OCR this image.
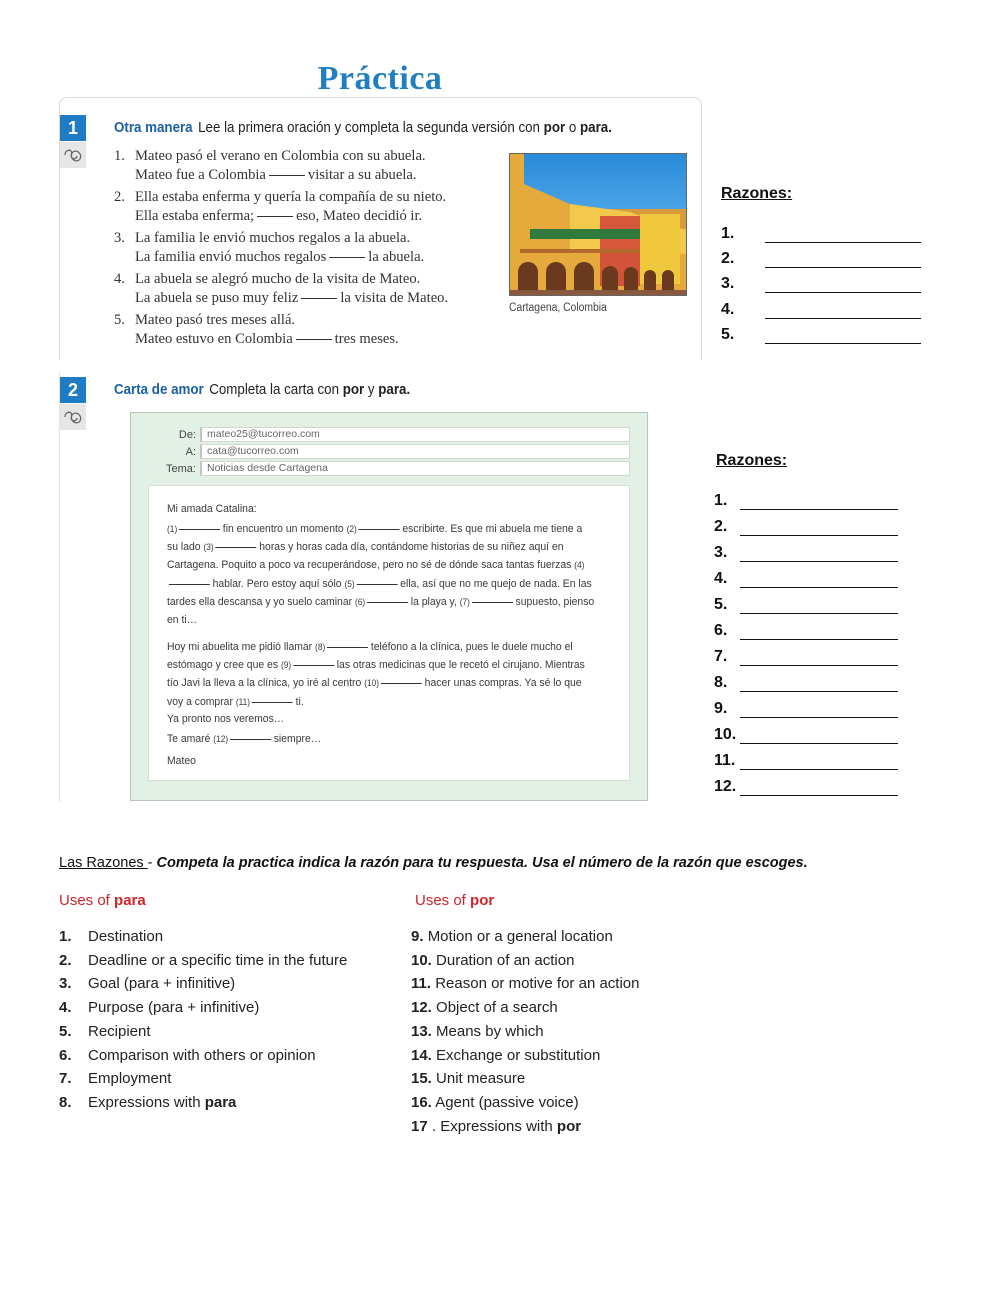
Práctica
1	Otra manera Lee la primera oración y completa la segunda versión con por o para.
1. Mateo pasó el verano en Colombia con su abuela.
Mateo fue a Colombia	visitar a su abuela.
2. Ella estaba enferma y quería la compañía de su nieto.
Ella estaba enferma;	eso, Mateo decidió ir.
3. La familia le envió muchos regalos a la abuela.
La familia envió muchos regalos	la abuela.
4. La abuela se alegró mucho de la visita de Mateo.
La abuela se puso muy feliz	la visita de Mateo.
5. Mateo pasó tres meses allá.
Mateo estuvo en Colombia	tres meses.
Cartagena, Colombia
Razones:
1.
2.
3.
4.
5.
2	Carta de amor Completa la carta con por y para.
De:	mateo25@tucorreo.com
A:	cata@tucorreo.com
Tema:	Noticias desde Cartagena
Mi amada Catalina:
(1)	fin encuentro un momento (2)	escribirte. Es que mi abuela me tiene a su lado (3)	horas y horas cada día, contándome historias de su niñez aquí en Cartagena. Poquito a poco va recuperándose, pero no sé de dónde saca tantas fuerzas (4)hablar. Pero estoy aquí sólo (5)	ella, así que no me quejo de nada. En las tardes ella descansa y yo suelo caminar (6)	la playa y, (7)	supuesto, pienso en ti…
Hoy mi abuelita me pidió llamar (8)	teléfono a la clínica, pues le duele mucho el estómago y cree que es (9)	las otras medicinas que le recetó el cirujano. Mientras tío Javi la lleva a la clínica, yo iré al centro (10)	hacer unas compras. Ya sé lo que voy a comprar (11)	ti.
Ya pronto nos veremos…
Te amaré (12)	siempre…
Mateo
Razones:
1.
2.
3.
4.
5.
6.
7.
8.
9.
10.
11.
12.
Las Razones - Competa la practica indica la razón para tu respuesta. Usa el número de la razón que escoges.
Uses of para	Uses of por
1. Destination
2. Deadline or a specific time in the future
3. Goal (para + infinitive)
4. Purpose (para + infinitive)
5. Recipient
6. Comparison with others or opinion
7. Employment
8. Expressions with para
9. Motion or a general location
10. Duration of an action
11. Reason or motive for an action
12. Object of a search
13. Means by which
14. Exchange or substitution
15. Unit measure
16. Agent (passive voice)
17 . Expressions with por
